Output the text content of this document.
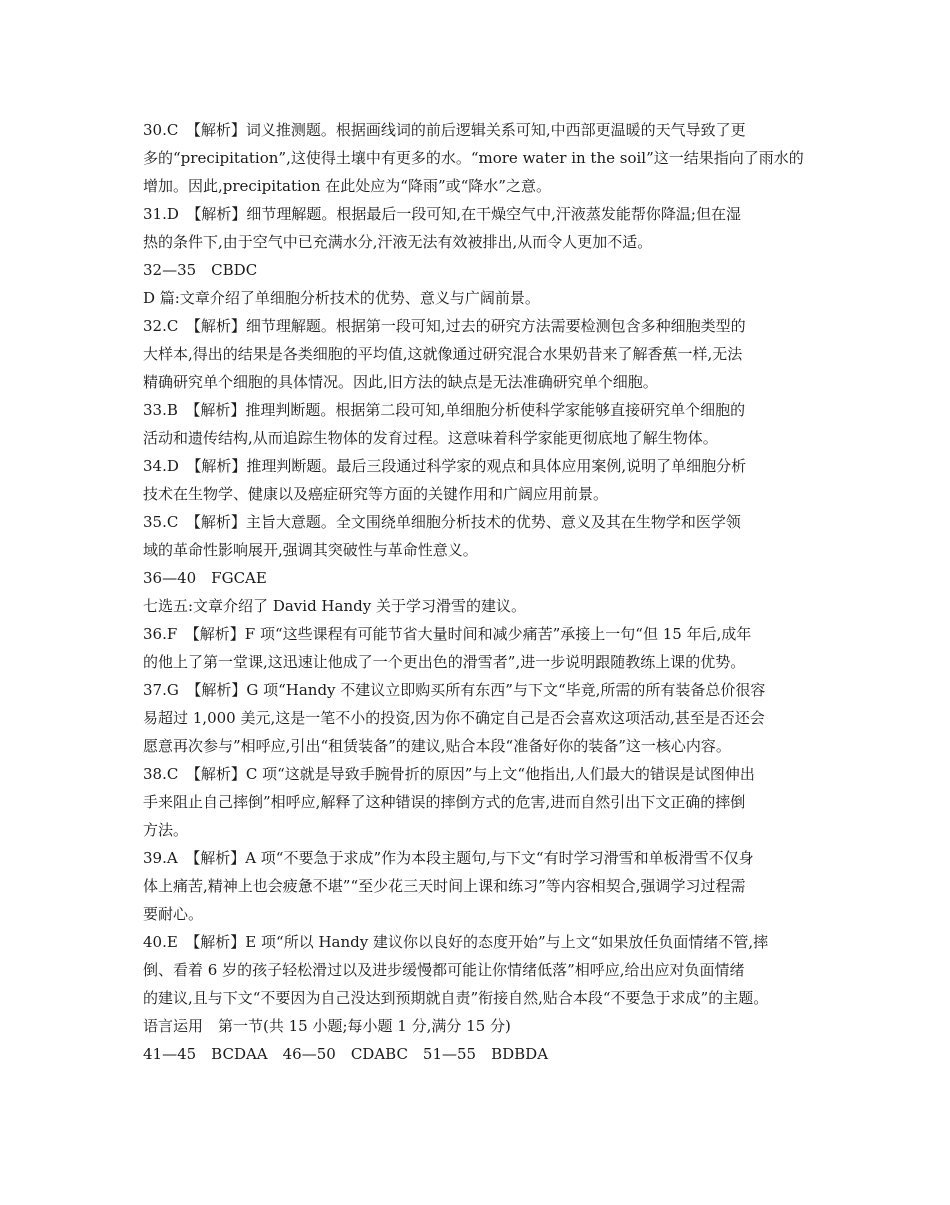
30.C　【解析】词义推测题。根据画线词的前后逻辑关系可知,中西部更温暖的天气导致了更
多的“precipitation”,这使得土壤中有更多的水。“more water in the soil”这一结果指向了雨水的
增加。因此,precipitation 在此处应为“降雨”或“降水”之意。
31.D　【解析】细节理解题。根据最后一段可知,在干燥空气中,汗液蒸发能帮你降温;但在湿
热的条件下,由于空气中已充满水分,汗液无法有效被排出,从而令人更加不适。
32—35　CBDC
D 篇:文章介绍了单细胞分析技术的优势、意义与广阔前景。
32.C　【解析】细节理解题。根据第一段可知,过去的研究方法需要检测包含多种细胞类型的
大样本,得出的结果是各类细胞的平均值,这就像通过研究混合水果奶昔来了解香蕉一样,无法
精确研究单个细胞的具体情况。因此,旧方法的缺点是无法准确研究单个细胞。
33.B　【解析】推理判断题。根据第二段可知,单细胞分析使科学家能够直接研究单个细胞的
活动和遗传结构,从而追踪生物体的发育过程。这意味着科学家能更彻底地了解生物体。
34.D　【解析】推理判断题。最后三段通过科学家的观点和具体应用案例,说明了单细胞分析
技术在生物学、健康以及癌症研究等方面的关键作用和广阔应用前景。
35.C　【解析】主旨大意题。全文围绕单细胞分析技术的优势、意义及其在生物学和医学领
域的革命性影响展开,强调其突破性与革命性意义。
36—40　FGCAE
七选五:文章介绍了 David Handy 关于学习滑雪的建议。
36.F　【解析】F 项“这些课程有可能节省大量时间和减少痛苦”承接上一句“但 15 年后,成年
的他上了第一堂课,这迅速让他成了一个更出色的滑雪者”,进一步说明跟随教练上课的优势。
37.G　【解析】G 项“Handy 不建议立即购买所有东西”与下文“毕竟,所需的所有装备总价很容
易超过 1,000 美元,这是一笔不小的投资,因为你不确定自己是否会喜欢这项活动,甚至是否还会
愿意再次参与”相呼应,引出“租赁装备”的建议,贴合本段“准备好你的装备”这一核心内容。
38.C　【解析】C 项“这就是导致手腕骨折的原因”与上文“他指出,人们最大的错误是试图伸出
手来阻止自己摔倒”相呼应,解释了这种错误的摔倒方式的危害,进而自然引出下文正确的摔倒
方法。
39.A　【解析】A 项“不要急于求成”作为本段主题句,与下文“有时学习滑雪和单板滑雪不仅身
体上痛苦,精神上也会疲惫不堪”“至少花三天时间上课和练习”等内容相契合,强调学习过程需
要耐心。
40.E　【解析】E 项“所以 Handy 建议你以良好的态度开始”与上文“如果放任负面情绪不管,摔
倒、看着 6 岁的孩子轻松滑过以及进步缓慢都可能让你情绪低落”相呼应,给出应对负面情绪
的建议,且与下文“不要因为自己没达到预期就自责”衔接自然,贴合本段“不要急于求成”的主题。
语言运用　第一节(共 15 小题;每小题 1 分,满分 15 分)
41—45　BCDAA　46—50　CDABC　51—55　BDBDA
